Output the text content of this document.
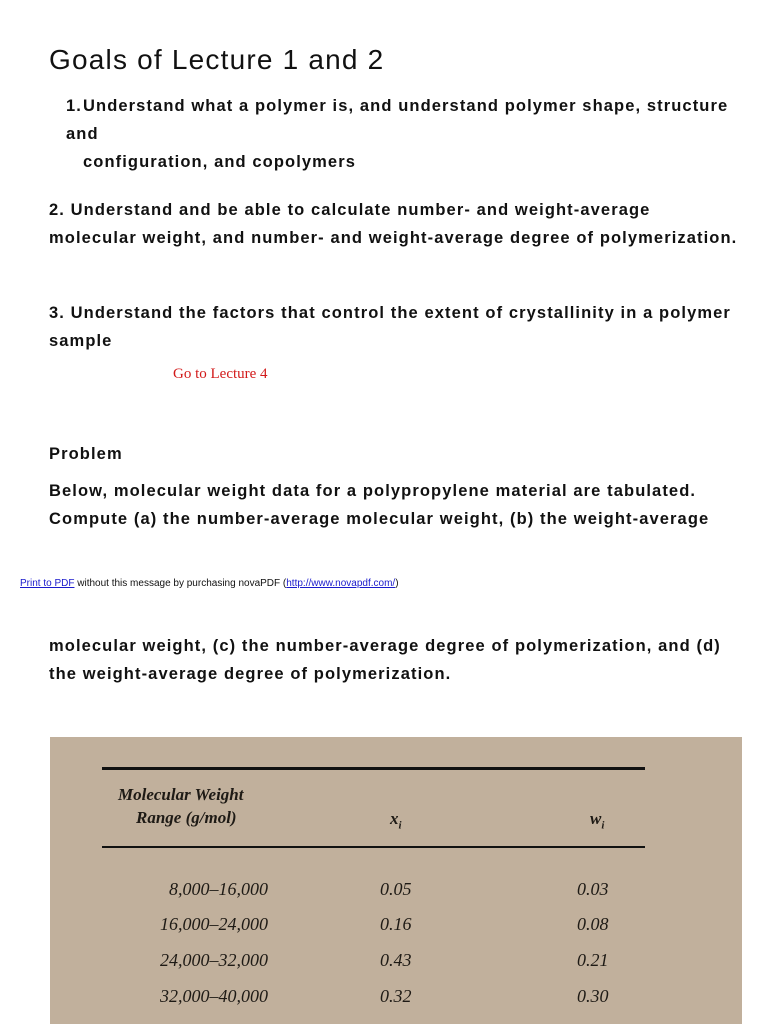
Goals of Lecture 1 and 2

1.Understand what a polymer is, and understand polymer shape, structure and
configuration, and copolymers

2. Understand and be able to calculate number- and weight-average molecular weight, and number- and weight-average degree of polymerization.

3. Understand the factors that control the extent of crystallinity in a polymer sample

Go to Lecture 4

Problem

Below, molecular weight data for a polypropylene material are tabulated. Compute (a) the number-average molecular weight, (b) the weight-average

Print to PDF without this message by purchasing novaPDF (http://www.novapdf.com/)

molecular weight, (c) the number-average degree of polymerization, and (d) the weight-average degree of polymerization.

Molecular Weight
Range (g/mol)	$x_i$	$w_i$
8,000–16,000	0.05	0.03
16,000–24,000	0.16	0.08
24,000–32,000	0.43	0.21
32,000–40,000	0.32	0.30
